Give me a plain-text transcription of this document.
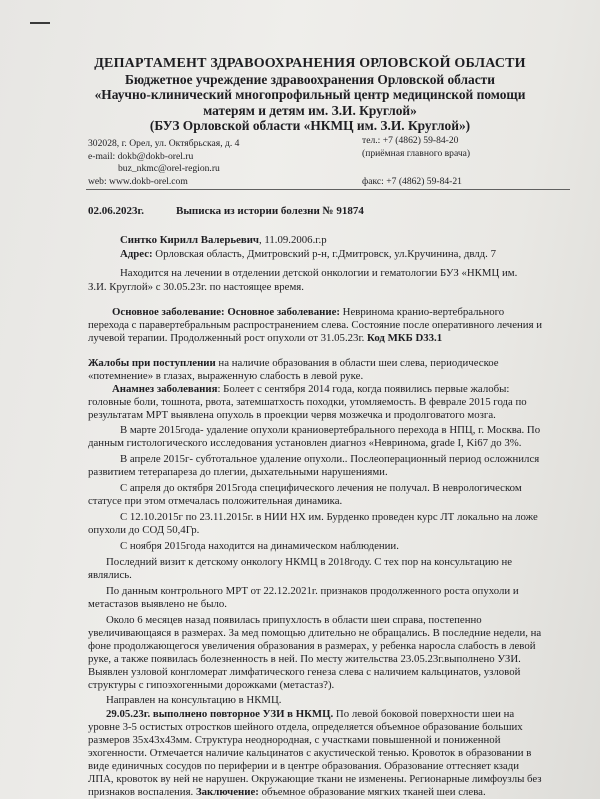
ДЕПАРТАМЕНТ ЗДРАВООХРАНЕНИЯ ОРЛОВСКОЙ ОБЛАСТИ
Бюджетное учреждение здравоохранения Орловской области
«Научно-клинический многопрофильный центр медицинской помощи
матерям и детям им. З.И. Круглой»
(БУЗ Орловской области «НКМЦ им. З.И. Круглой»)
302028, г. Орел, ул. Октябрьская, д. 4
e-mail: dokb@dokb-orel.ru
buz_nkmc@orel-region.ru
web: www.dokb-orel.com
тел.: +7 (4862) 59-84-20
(приёмная главного врача)
факс: +7 (4862) 59-84-21
02.06.2023г.	Выписка из истории болезни № 91874
Синтко Кирилл Валерьевич, 11.09.2006.г.р
Адрес: Орловская область, Дмитровский р-н, г.Дмитровск, ул.Кручинина, двлд. 7
Находится на лечении в отделении детской онкологии и гематологии БУЗ «НКМЦ им.
З.И. Круглой» с 30.05.23г. по настоящее время.
Основное заболевание: Основное заболевание: Невринома кранио-вертебрального
перехода с паравертебральным распространением слева. Состояние после оперативного лечения и
лучевой терапии. Продолженный рост опухоли от 31.05.23г. Код МКБ D33.1
Жалобы при поступлении на наличие образования в области шеи слева, периодическое
«потемнение» в глазах, выраженную слабость в левой руке.
Анамнез заболевания: Болеет с сентября 2014 года, когда появились первые жалобы:
головные боли, тошнота, рвота, затемшатхость походки, утомляемость. В феврале 2015 года по
результатам МРТ выявлена опухоль в проекции червя мозжечка и продолговатого мозга.
В марте 2015года- удаление опухоли краниовертебрального перехода в НПЦ, г. Москва. По
данным гистологического исследования установлен диагноз «Невринома, grade I, Ki67 до 3%.
В апреле 2015г- субтотальное удаление опухоли.. Послеоперационный период осложнился
развитием тетерапареза до плегии, дыхательными нарушениями.
С апреля до октября 2015года специфического лечения не получал. В неврологическом
статусе при этом отмечалась положительная динамика.
С 12.10.2015г по 23.11.2015г. в НИИ НХ им. Бурденко проведен курс ЛТ локально на ложе
опухоли до СОД 50,4Гр.
С ноября 2015года находится на динамическом наблюдении.
Последний визит к детскому онкологу НКМЦ в 2018году. С тех пор на консультацию не
являлись.
По данным контрольного МРТ от 22.12.2021г. признаков продолженного роста опухоли и
метастазов выявлено не было.
Около 6 месяцев назад появилась припухлость в области шеи справа, постепенно
увеличивающаяся в размерах. За мед помощью длительно не обращались. В последние недели, на
фоне продолжающегося увеличения образования в размерах, у ребенка наросла слабость в левой
руке, а также появилась болезненность в ней. По месту жительства 23.05.23г.выполнено УЗИ.
Выявлен узловой конгломерат лимфатического генеза слева с наличием кальцинатов, узловой
структуры с гипоэхогенными дорожками (метастаз?).
Направлен на консультацию в НКМЦ.
29.05.23г. выполнено повторное УЗИ в НКМЦ. По левой боковой поверхности шеи на
уровне 3-5 остистых отростков шейного отдела, определяется объемное образование больших
размеров 35х43х43мм. Структура неоднородная, с участками повышенной и пониженной
эхогенности. Отмечается наличие кальцинатов с акустической тенью. Кровоток в образовании в
виде единичных сосудов по периферии и в центре образования. Образование оттесняет кзади
ЛПА, кровоток ву ней не нарушен. Окружающие ткани не изменены. Регионарные лимфоузлы без
признаков воспаления. Заключение: объемное образование мягких тканей шеи слева.
